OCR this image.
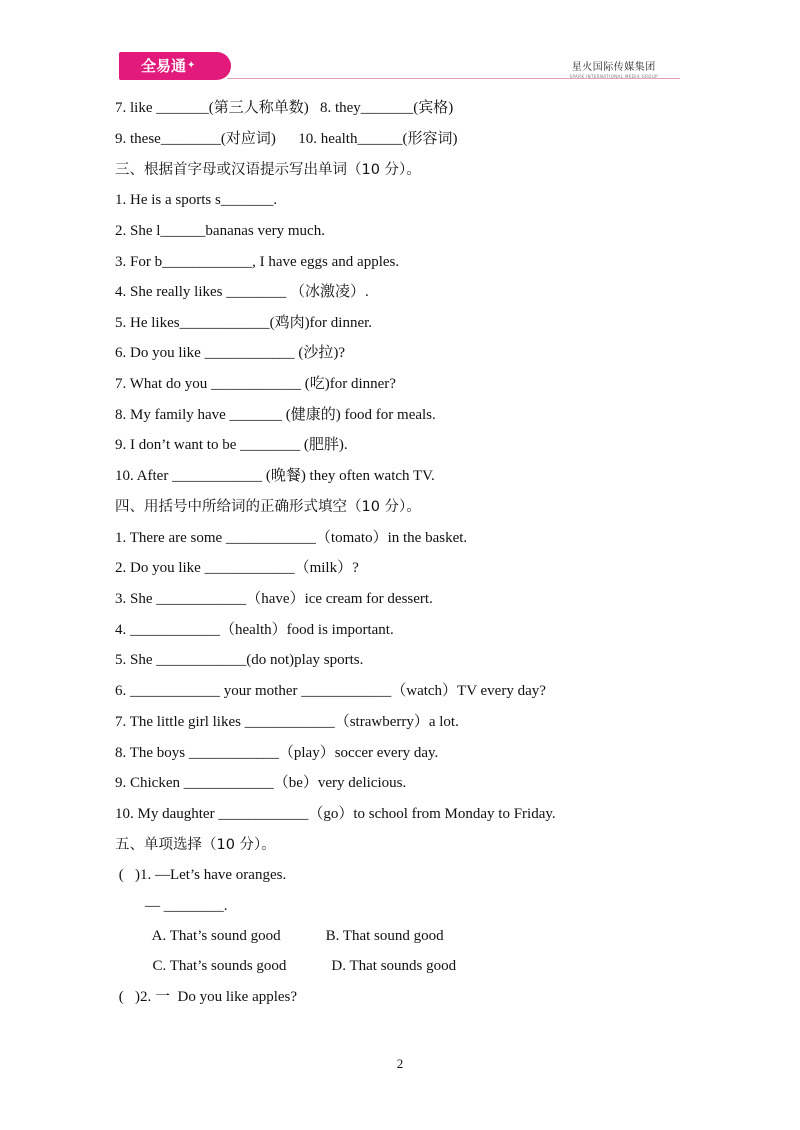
全易通✦	星火国际传媒集团
SPARK INTERNATIONAL MEDIA GROUP
7. like _______(第三人称单数)   8. they_______(宾格)
9. these________(对应词)      10. health______(形容词)
三、根据首字母或汉语提示写出单词（10 分）。
1. He is a sports s_______.
2. She l______bananas very much.
3. For b____________, I have eggs and apples.
4. She really likes ________ （冰激凌）.
5. He likes____________(鸡肉)for dinner.
6. Do you like ____________ (沙拉)?
7. What do you ____________ (吃)for dinner?
8. My family have _______ (健康的) food for meals.
9. I don’t want to be ________ (肥胖).
10. After ____________ (晚餐) they often watch TV.
四、用括号中所给词的正确形式填空（10 分）。
1. There are some ____________（tomato）in the basket.
2. Do you like ____________（milk）?
3. She ____________（have）ice cream for dessert.
4. ____________（health）food is important.
5. She ____________(do not)play sports.
6. ____________ your mother ____________（watch）TV every day?
7. The little girl likes ____________（strawberry）a lot.
8. The boys ____________（play）soccer every day.
9. Chicken ____________（be）very delicious.
10. My daughter ____________（go）to school from Monday to Friday.
五、单项选择（10 分）。
(   )1. —Let’s have oranges.
— ________.
A. That’s sound good            B. That sound good
C. That’s sounds good            D. That sounds good
(   )2. 一  Do you like apples?
2
